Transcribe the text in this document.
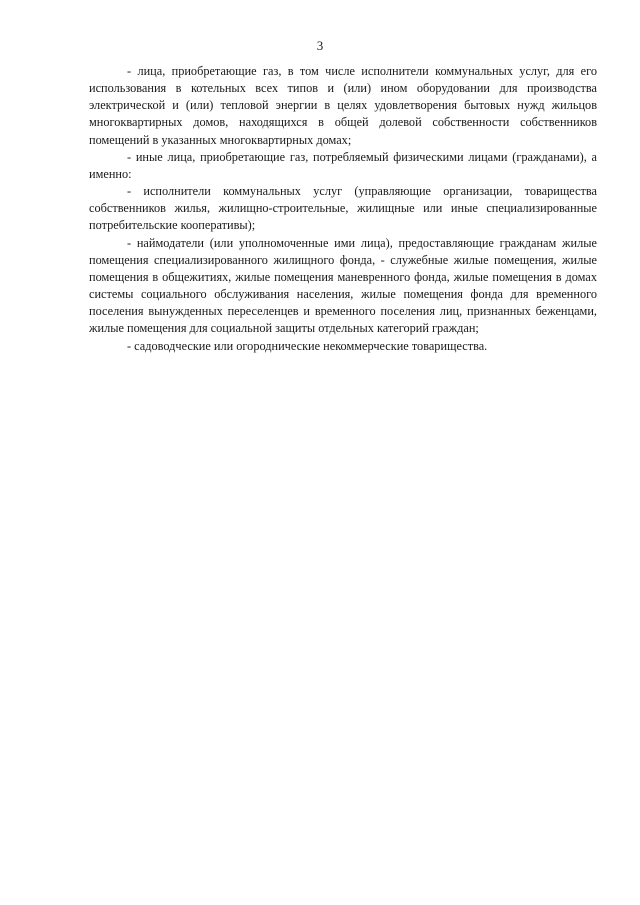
3

- лица, приобретающие газ, в том числе исполнители коммунальных услуг, для его использования в котельных всех типов и (или) ином оборудовании для производства электрической и (или) тепловой энергии в целях удовлетворения бытовых нужд жильцов многоквартирных домов, находящихся в общей долевой собственности собственников помещений в указанных многоквартирных домах;

- иные лица, приобретающие газ, потребляемый физическими лицами (гражданами), а именно:

- исполнители коммунальных услуг (управляющие организации, товарищества собственников жилья, жилищно-строительные, жилищные или иные специализированные потребительские кооперативы);

- наймодатели (или уполномоченные ими лица), предоставляющие гражданам жилые помещения специализированного жилищного фонда, - служебные жилые помещения, жилые помещения в общежитиях, жилые помещения маневренного фонда, жилые помещения в домах системы социального обслуживания населения, жилые помещения фонда для временного поселения вынужденных переселенцев и временного поселения лиц, признанных беженцами, жилые помещения для социальной защиты отдельных категорий граждан;

- садоводческие или огороднические некоммерческие товарищества.
